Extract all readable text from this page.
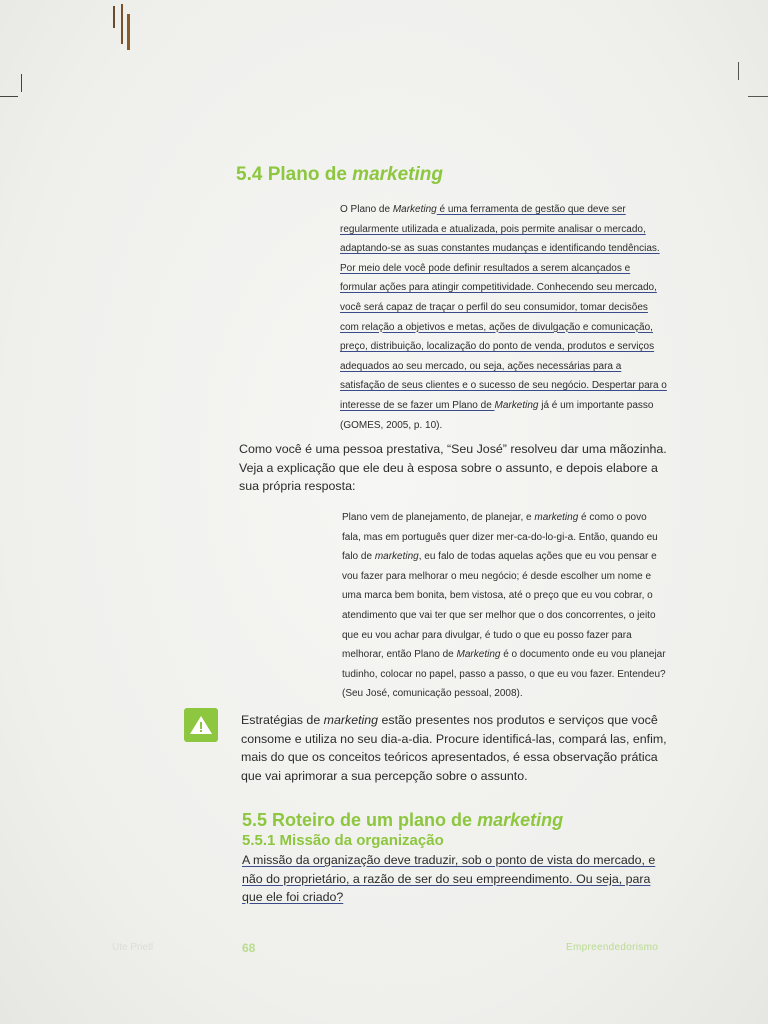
5.4 Plano de marketing

O Plano de Marketing é uma ferramenta de gestão que deve ser regularmente utilizada e atualizada, pois permite analisar o mercado, adaptando-se as suas constantes mudanças e identificando tendências. Por meio dele você pode definir resultados a serem alcançados e formular ações para atingir competitividade. Conhecendo seu mercado, você será capaz de traçar o perfil do seu consumidor, tomar decisões com relação a objetivos e metas, ações de divulgação e comunicação, preço, distribuição, localização do ponto de venda, produtos e serviços adequados ao seu mercado, ou seja, ações necessárias para a satisfação de seus clientes e o sucesso de seu negócio. Despertar para o interesse de se fazer um Plano de Marketing já é um importante passo (GOMES, 2005, p. 10).

Como você é uma pessoa prestativa, “Seu José” resolveu dar uma mãozinha. Veja a explicação que ele deu à esposa sobre o assunto, e depois elabore a sua própria resposta:

Plano vem de planejamento, de planejar, e marketing é como o povo fala, mas em português quer dizer mer-ca-do-lo-gi-a. Então, quando eu falo de marketing, eu falo de todas aquelas ações que eu vou pensar e vou fazer para melhorar o meu negócio; é desde escolher um nome e uma marca bem bonita, bem vistosa, até o preço que eu vou cobrar, o atendimento que vai ter que ser melhor que o dos concorrentes, o jeito que eu vou achar para divulgar, é tudo o que eu posso fazer para melhorar, então Plano de Marketing é o documento onde eu vou planejar tudinho, colocar no papel, passo a passo, o que eu vou fazer. Entendeu? (Seu José, comunicação pessoal, 2008).

Estratégias de marketing estão presentes nos produtos e serviços que você consome e utiliza no seu dia-a-dia. Procure identificá-las, compará las, enfim, mais do que os conceitos teóricos apresentados, é essa observação prática que vai aprimorar a sua percepção sobre o assunto.

5.5 Roteiro de um plano de marketing
5.5.1 Missão da organização

A missão da organização deve traduzir, sob o ponto de vista do mercado, e não do proprietário, a razão de ser do seu empreendimento. Ou seja, para que ele foi criado?

Ute Prietl	68	Empreendedorismo
